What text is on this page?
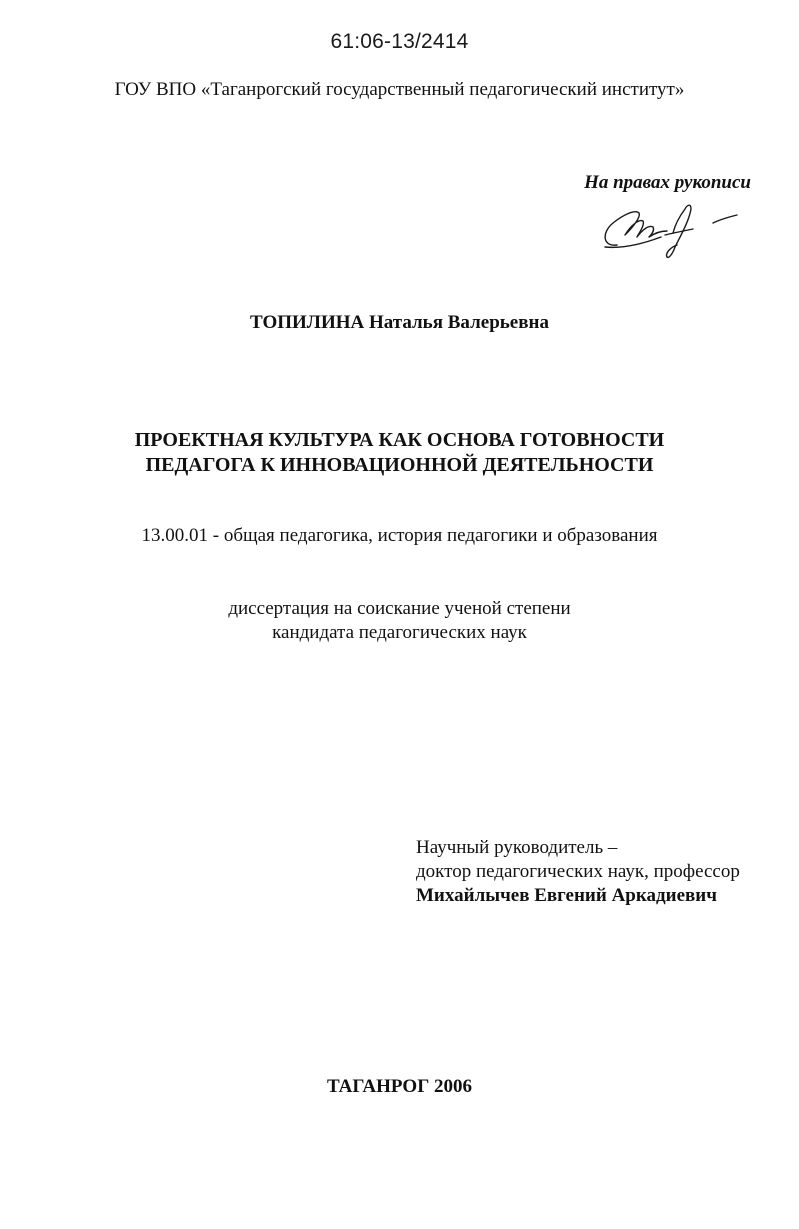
61:06-13/2414
ГОУ ВПО «Таганрогский государственный педагогический институт»
На правах рукописи
ТОПИЛИНА Наталья Валерьевна
ПРОЕКТНАЯ КУЛЬТУРА КАК ОСНОВА ГОТОВНОСТИ
ПЕДАГОГА К ИННОВАЦИОННОЙ ДЕЯТЕЛЬНОСТИ
13.00.01 - общая педагогика, история педагогики и образования
диссертация на соискание ученой степени
кандидата педагогических наук
Научный руководитель –
доктор педагогических наук, профессор
Михайлычев Евгений Аркадиевич
ТАГАНРОГ 2006
